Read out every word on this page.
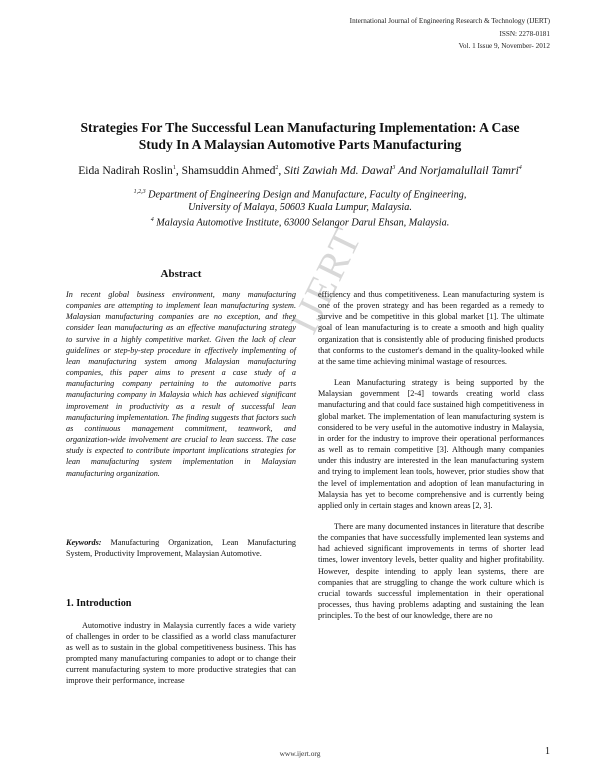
International Journal of Engineering Research & Technology (IJERT)
ISSN: 2278-0181
Vol. 1 Issue 9, November- 2012
IJERT
Strategies For The Successful Lean Manufacturing Implementation: A Case Study In A Malaysian Automotive Parts Manufacturing
Eida Nadirah Roslin$^1$, Shamsuddin Ahmed$^2$, Siti Zawiah Md. Dawal$^3$ And Norjamalullail Tamri$^4$
$^{1,2,3}$ Department of Engineering Design and Manufacture, Faculty of Engineering,
University of Malaya, 50603 Kuala Lumpur, Malaysia.
$^4$ Malaysia Automotive Institute, 63000 Selangor Darul Ehsan, Malaysia.
Abstract

In recent global business environment, many manufacturing companies are attempting to implement lean manufacturing system. Malaysian manufacturing companies are no exception, and they consider lean manufacturing as an effective manufacturing strategy to survive in a highly competitive market. Given the lack of clear guidelines or step-by-step procedure in effectively implementing of lean manufacturing system among Malaysian manufacturing companies, this paper aims to present a case study of a manufacturing company pertaining to the automotive parts manufacturing company in Malaysia which has achieved significant improvement in productivity as a result of successful lean manufacturing implementation. The finding suggests that factors such as continuous management commitment, teamwork, and organization-wide involvement are crucial to lean success. The case study is expected to contribute important implications strategies for lean manufacturing system implementation in Malaysian manufacturing organization.

Keywords: Manufacturing Organization, Lean Manufacturing System, Productivity Improvement, Malaysian Automotive.

1. Introduction

Automotive industry in Malaysia currently faces a wide variety of challenges in order to be classified as a world class manufacturer as well as to sustain in the global competitiveness business. This has prompted many manufacturing companies to adopt or to change their current manufacturing system to more productive strategies that can improve their performance, increase

efficiency and thus competitiveness. Lean manufacturing system is one of the proven strategy and has been regarded as a remedy to survive and be competitive in this global market [1]. The ultimate goal of lean manufacturing is to create a smooth and high quality organization that is consistently able of producing finished products that conforms to the customer's demand in the quality-looked while at the same time achieving minimal wastage of resources.

Lean Manufacturing strategy is being supported by the Malaysian government [2-4] towards creating world class manufacturing and that could face sustained high competitiveness in global market. The implementation of lean manufacturing system is considered to be very useful in the automotive industry in Malaysia, in order for the industry to improve their operational performances as well as to remain competitive [3]. Although many companies under this industry are interested in the lean manufacturing system and trying to implement lean tools, however, prior studies show that the level of implementation and adoption of lean manufacturing in Malaysia has yet to become comprehensive and is currently being applied only in certain stages and known areas [2, 3].

There are many documented instances in literature that describe the companies that have successfully implemented lean systems and had achieved significant improvements in terms of shorter lead times, lower inventory levels, better quality and higher profitability. However, despite intending to apply lean systems, there are companies that are struggling to change the work culture which is crucial towards successful implementation in their operational processes, thus having problems adapting and sustaining the lean principles. To the best of our knowledge, there are no

www.ijert.org	1
